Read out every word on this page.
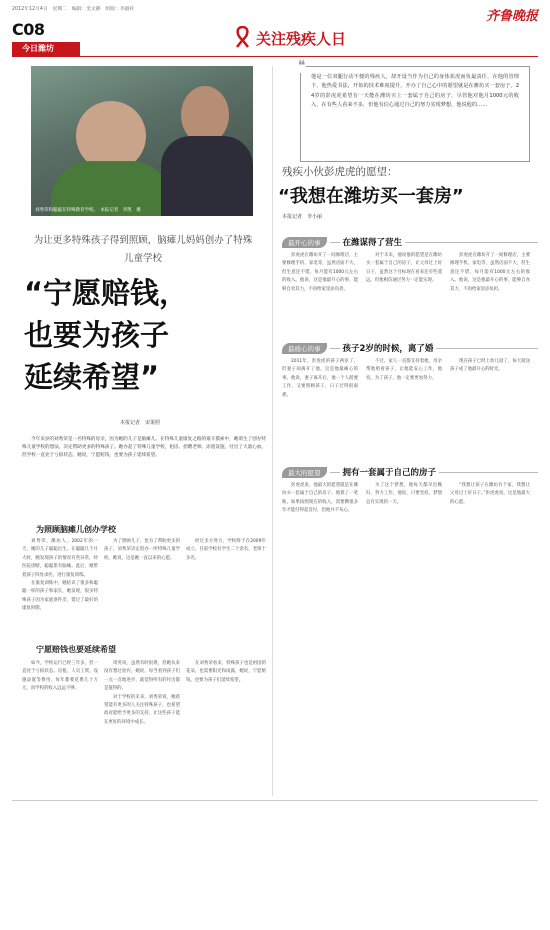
2012年12月4日　星期二　编辑：金文静　组版：李淑祥	齐鲁晚报
C08
今日潍坊
关注残疾人日
刘秀荣和聪聪在特殊教育学校。　本报记者　李凯　摄
为让更多特殊孩子得到照顾，脑瘫儿妈妈创办了特殊儿童学校
“宁愿赔钱，
也要为孩子
延续希望”
本报记者　宋果照

今年来岁的刘秀荣是一名特殊的母亲，因为她的儿子是脑瘫儿。在特殊儿童康复之路的艰辛摸索中，她萌生了创办特殊儿童学校的想法，决定帮助更多的特殊孩子。她办起了特殊儿童学校，租房、招聘老师、添置设施，付出了大量心血，但学校一直处于亏损状态，她说，宁愿赔钱，也要为孩子延续希望。

为照顾脑瘫儿创办学校

刘秀荣，潍坊人，2002年的一天，她的儿子聪聪出生。在聪聪几个月大时，她发现孩子的情况有些异常，经医院诊断，聪聪患有脑瘫。此后，她带着孩子四处求医，进行康复训练。

在康复训练中，她结识了很多和聪聪一样的孩子和家长，她发现，很多特殊孩子因为家庭条件差，错过了最好的康复时期。

为了照顾儿子，也为了帮助更多的孩子，刘秀荣决定创办一所特殊儿童学校，她说，这是她一直以来的心愿。

经过多方努力，学校终于在2009年成立，目前学校有学生二十余名，老师十多名。

宁愿赔钱也要延续希望

如今，学校运行已经三年多，但一直处于亏损状态。房租、人员工资、设施添置等费用，每年都要花费几十万元，而学校的收入远远不够。

周英说，虽然有时很难，但她从来没有想过放弃，她说，每当看到孩子们一点一点地进步，就觉得所有的付出都是值得的。

对于学校的未来，刘秀荣说，她希望能有更多的人关注特殊孩子，也希望政府能给予更多的支持，让这些孩子能在更好的环境中成长。

在刘秀荣看来，特殊孩子也是祖国的花朵，也需要阳光和雨露，她说，宁愿赔钱，也要为孩子们延续希望。

❝
他是一位双腿行动不便的残疾人，却开设当作为自己的身体状况而负最责任，在他的管理下，他热爱书法，开始的技术难度提升，开办了自己心中的愿望就是在潍坊买一套房子。24岁的彭虎虎希望有一天能在潍坊买上一套属于自己的房子，尽管他对他月1000元的收入，在有些人看来不多，但他有信心通过自己的努力实现梦想，他说他的……
残疾小伙彭虎虎的愿望：
“我想在潍坊买一套房”
本报记者　李小丽
最开心的事	在潍谋得了营生

彭虎虎在潍坊开了一间修理店，主要修理手机、家电等，虽然店面不大，但生意还不错，每月能有1000元左右的收入。他说，这是他最开心的事，能够自食其力，不再给家里添负担。

对于未来，他说他的愿望是在潍坊买一套属于自己的房子，让父母过上好日子，虽然这个目标现在看来还有些遥远，但他相信通过努力一定能实现。

彭虎虎在潍坊开了一间修理店，主要修理手机、家电等，虽然店面不大，但生意还不错，每月能有1000元左右的收入。他说，这是他最开心的事，能够自食其力，不再给家里添负担。

最痛心的事	孩子2岁的时候，离了婚

2011年，彭虎虎的孩子两岁了，但妻子却离开了他，这是他最痛心的事。他说，妻子离开后，他一个人既要工作，又要照顾孩子，日子过得很艰难。

不过，家人一直都支持着他，母亲帮他照看孩子，让他能安心工作，他说，为了孩子，他一定要更加努力。

现在孩子已经上幼儿园了，每天接送孩子成了他最开心的时光。

最大的愿望	拥有一套属于自己的房子

彭虎虎说，他最大的愿望就是在潍坊买一套属于自己的房子。他算了一笔账，如果按照现在的收入，需要攒很多年才能付得起首付，但他并不灰心。

为了这个梦想，他每天都早出晚归，努力工作，他说，只要坚持，梦想总有实现的一天。

“我想让孩子在潍坊有个家，我想让父母过上好日子。”彭虎虎说，这是他最大的心愿。
